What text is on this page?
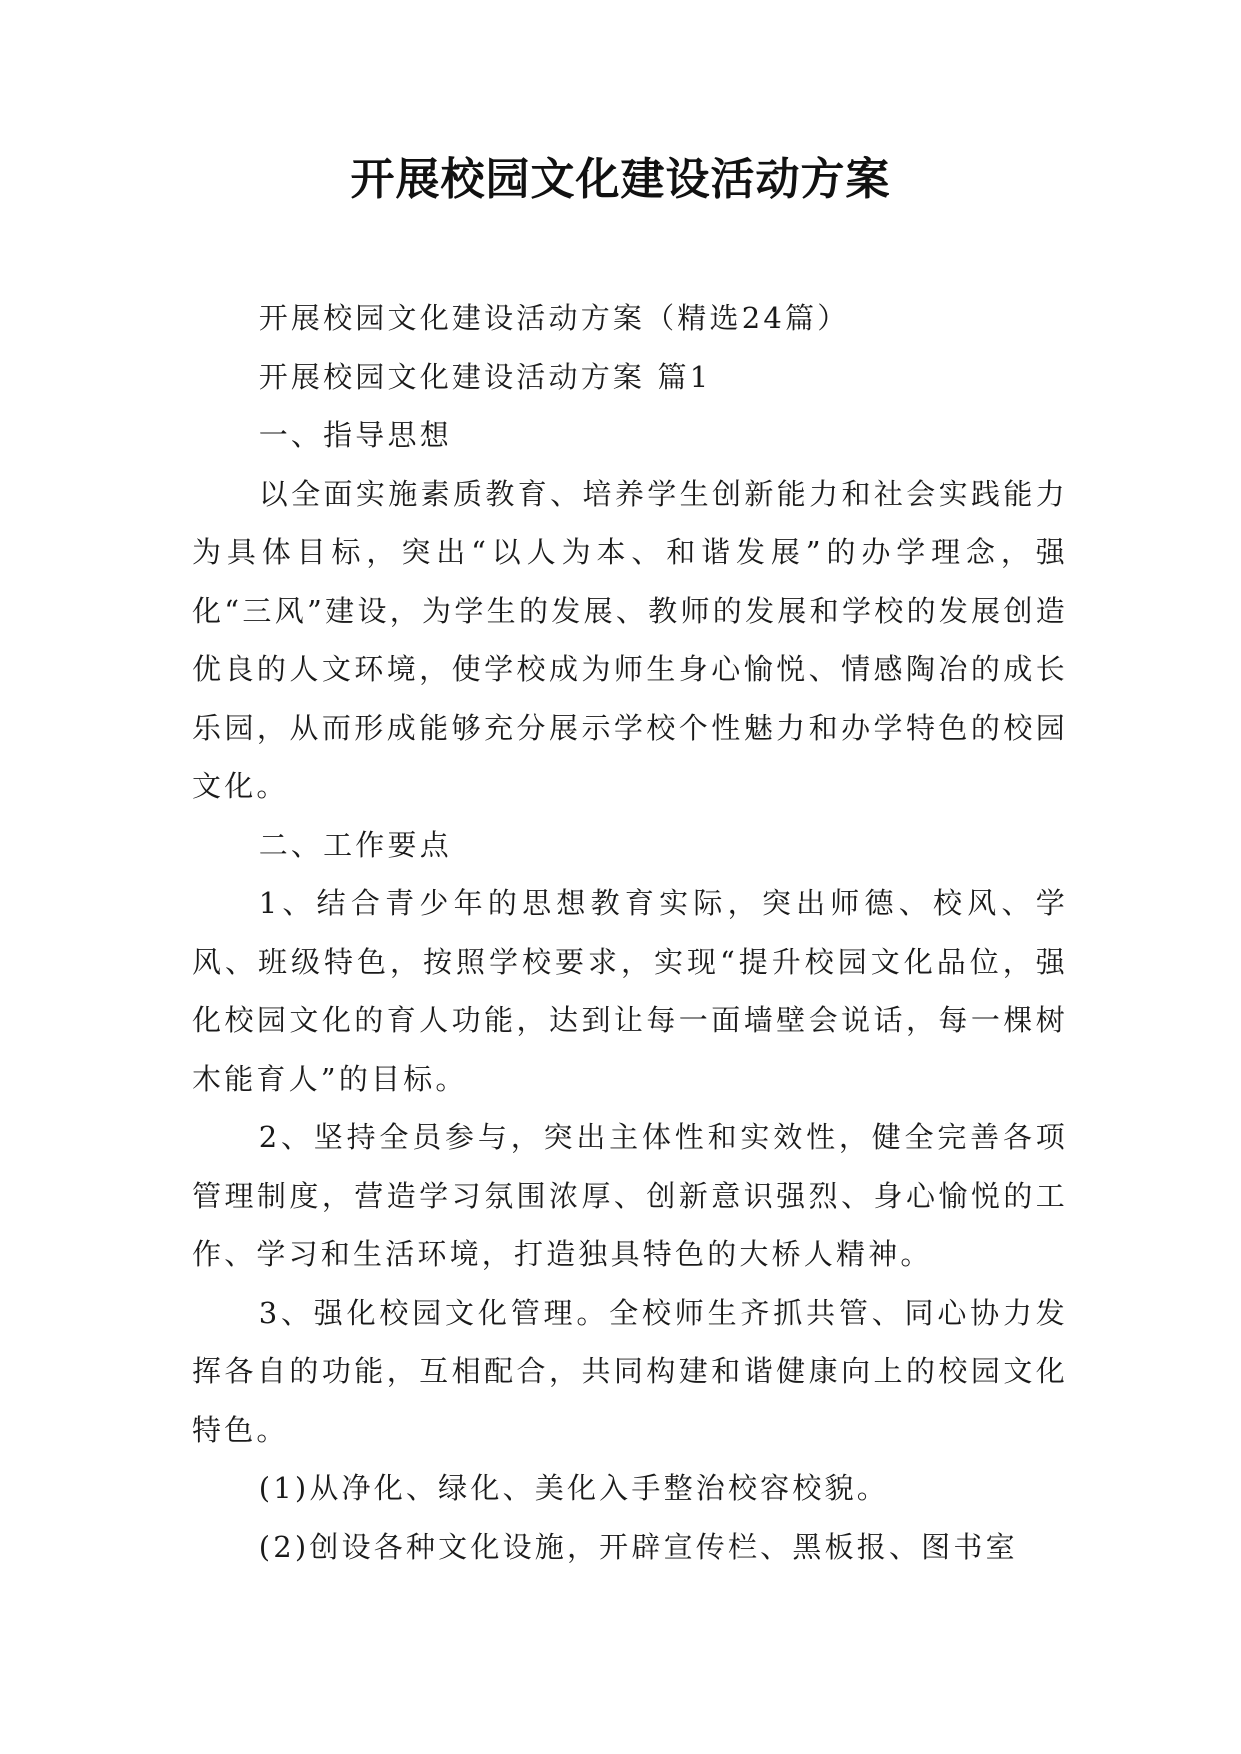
开展校园文化建设活动方案

开展校园文化建设活动方案（精选24篇）

开展校园文化建设活动方案 篇1

一、指导思想

以全面实施素质教育、培养学生创新能力和社会实践能力为具体目标，突出“以人为本、和谐发展”的办学理念，强化“三风”建设，为学生的发展、教师的发展和学校的发展创造优良的人文环境，使学校成为师生身心愉悦、情感陶冶的成长乐园，从而形成能够充分展示学校个性魅力和办学特色的校园文化。

二、工作要点

1、结合青少年的思想教育实际，突出师德、校风、学风、班级特色，按照学校要求，实现“提升校园文化品位，强化校园文化的育人功能，达到让每一面墙壁会说话，每一棵树木能育人”的目标。

2、坚持全员参与，突出主体性和实效性，健全完善各项管理制度，营造学习氛围浓厚、创新意识强烈、身心愉悦的工作、学习和生活环境，打造独具特色的大桥人精神。

3、强化校园文化管理。全校师生齐抓共管、同心协力发挥各自的功能，互相配合，共同构建和谐健康向上的校园文化特色。

(1)从净化、绿化、美化入手整治校容校貌。

(2)创设各种文化设施，开辟宣传栏、黑板报、图书室
